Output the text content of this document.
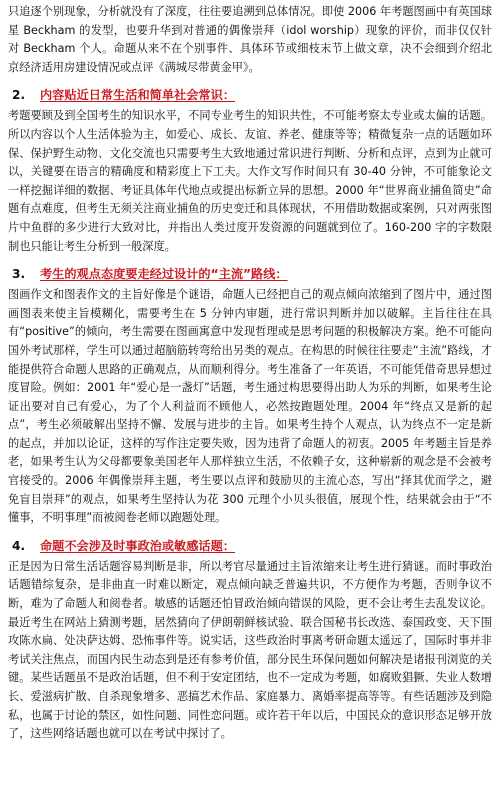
只追逐个别现象，分析就没有了深度，往往要追溯到总体情况。即使 2006 年考题图画中有英国球星 Beckham 的发型，也要升华到对普通的偶像崇拜（idol worship）现象的评价，而非仅仅针对 Beckham 个人。命题从来不在个别事件、具体环节或细枝末节上做文章，决不会细到介绍北京经济适用房建设情况或点评《满城尽带黄金甲》。

2.	内容贴近日常生活和简单社会常识：

考题要顾及到全国考生的知识水平，不同专业考生的知识共性，不可能考察太专业或太偏的话题。所以内容以个人生活体验为主，如爱心、成长、友谊、养老、健康等等；精微复杂一点的话题如环保、保护野生动物、文化交流也只需要考生大致地通过常识进行判断、分析和点评，点到为止就可以，关键要在语言的精确度和精彩度上下工夫。大作文写作时间只有 30-40 分钟，不可能象论文一样挖掘详细的数据、考证具体年代地点或提出标新立异的思想。2000 年“世界商业捕鱼简史”命题有点难度，但考生无须关注商业捕鱼的历史变迁和具体现状，不用借助数据或案例，只对两张图片中鱼群的多少进行大致对比，并指出人类过度开发资源的问题就到位了。160-200 字的字数限制也只能让考生分析到一般深度。

3.	考生的观点态度要走经过设计的“主流”路线：

图画作文和图表作文的主旨好像是个谜语，命题人已经把自己的观点倾向浓缩到了图片中，通过图画图表来使主旨模糊化，需要考生在 5 分钟内审题，进行常识判断并加以破解。主旨往往在具有“positive”的倾向，考生需要在图画寓意中发现哲理或是思考问题的积极解决方案。绝不可能向国外考试那样，学生可以通过超脑筋转弯给出另类的观点。在构思的时候往往要走“主流”路线，才能提供符合命题人思路的正确观点，从而顺利得分。考生准备了一年英语，不可能凭借奇思异想过度冒险。例如：2001 年“爱心是一盏灯”话题，考生通过构思要得出助人为乐的判断，如果考生论证出要对自己有爱心，为了个人利益而不顾他人，必然按跑题处理。2004 年“终点又是新的起点”，考生必须破解出坚持不懈、发展与进步的主旨。如果考生持个人观点，认为终点不一定是新的起点，并加以论证，这样的写作注定要失败，因为违背了命题人的初衷。2005 年考题主旨是养老，如果考生认为父母都要象美国老年人那样独立生活，不依赖子女，这种崭新的观念是不会被考官接受的。2006 年偶像崇拜主题，考生要以点评和鼓励贝的主流心态，写出“择其优而学之，避免盲目崇拜”的观点，如果考生坚持认为花 300 元理个小贝头很值，展现个性，结果就会由于“不懂事，不明事理”而被阅卷老师以跑题处理。

4.	命题不会涉及时事政治或敏感话题：

正是因为日常生活话题容易判断是非，所以考官尽量通过主旨浓缩来让考生进行猜谜。而时事政治话题错综复杂，是非曲直一时难以断定，观点倾向缺乏普遍共识，不方便作为考题，否则争议不断，难为了命题人和阅卷者。敏感的话题还怕冒政治倾向错误的风险，更不会让考生去乱发议论。最近考生在网站上猜测考题，居然猜向了伊朗朝鲜核试验、联合国秘书长改选、泰国政变、天下围攻陈水扁、处决萨达姆、恐怖事件等。说实话，这些政治时事离考研命题太遥远了，国际时事并非考试关注焦点，而国内民生动态到是还有参考价值，部分民生环保问题如何解决是诸报刊浏览的关键。某些话题虽不是政治话题，但不利于安定团结，也不一定成为考题，如腐败猖獗、失业人数增长、爱滋病扩散、自杀现象增多、恶搞艺术作品、家庭暴力、离婚率提高等等。有些话题涉及到隐私，也属于讨论的禁区，如性问题、同性恋问题。或许若干年以后，中国民众的意识形态足够开放了，这些网络话题也就可以在考试中探讨了。
